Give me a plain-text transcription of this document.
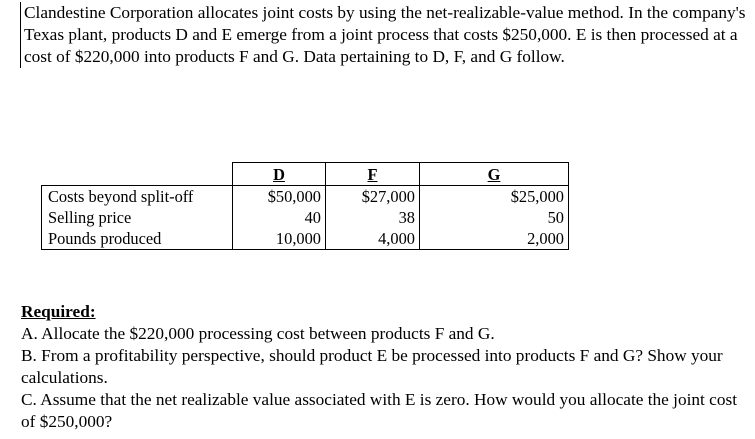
Clandestine Corporation allocates joint costs by using the net-realizable-value method. In the company's Texas plant, products D and E emerge from a joint process that costs $250,000. E is then processed at a cost of $220,000 into products F and G. Data pertaining to D, F, and G follow.

	D	F	G
Costs beyond split-off	$50,000	$27,000	$25,000
Selling price	40	38	50
Pounds produced	10,000	4,000	2,000
Required:
A. Allocate the $220,000 processing cost between products F and G.
B. From a profitability perspective, should product E be processed into products F and G? Show your calculations.
C. Assume that the net realizable value associated with E is zero. How would you allocate the joint cost of $250,000?
